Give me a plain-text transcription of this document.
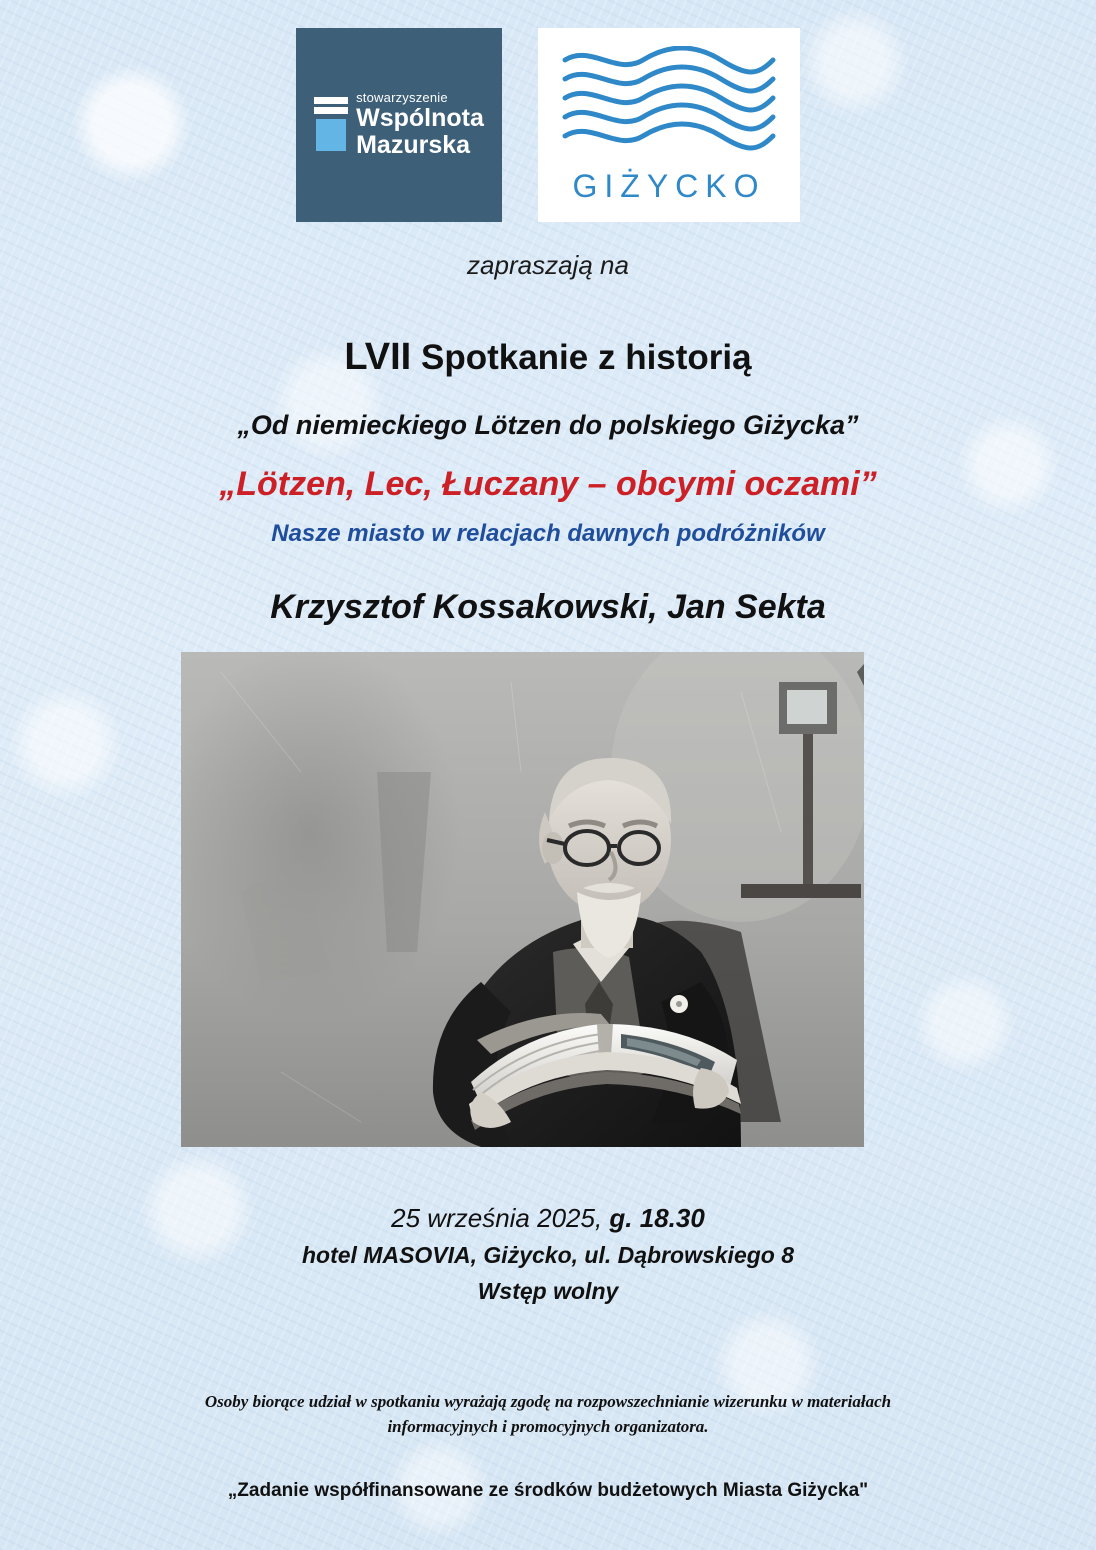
stowarzyszenie
Wspólnota
Mazurska
GIŻYCKO
zapraszają na
LVII Spotkanie z historią
„Od niemieckiego Lötzen do polskiego Giżycka”
„Lötzen, Lec, Łuczany – obcymi oczami”
Nasze miasto w relacjach dawnych podróżników
Krzysztof Kossakowski, Jan Sekta
25 września 2025, g. 18.30
hotel MASOVIA, Giżycko, ul. Dąbrowskiego 8
Wstęp wolny
Osoby biorące udział w spotkaniu wyrażają zgodę na rozpowszechnianie wizerunku w materiałach
informacyjnych i promocyjnych organizatora.
„Zadanie współfinansowane ze środków budżetowych Miasta Giżycka"
